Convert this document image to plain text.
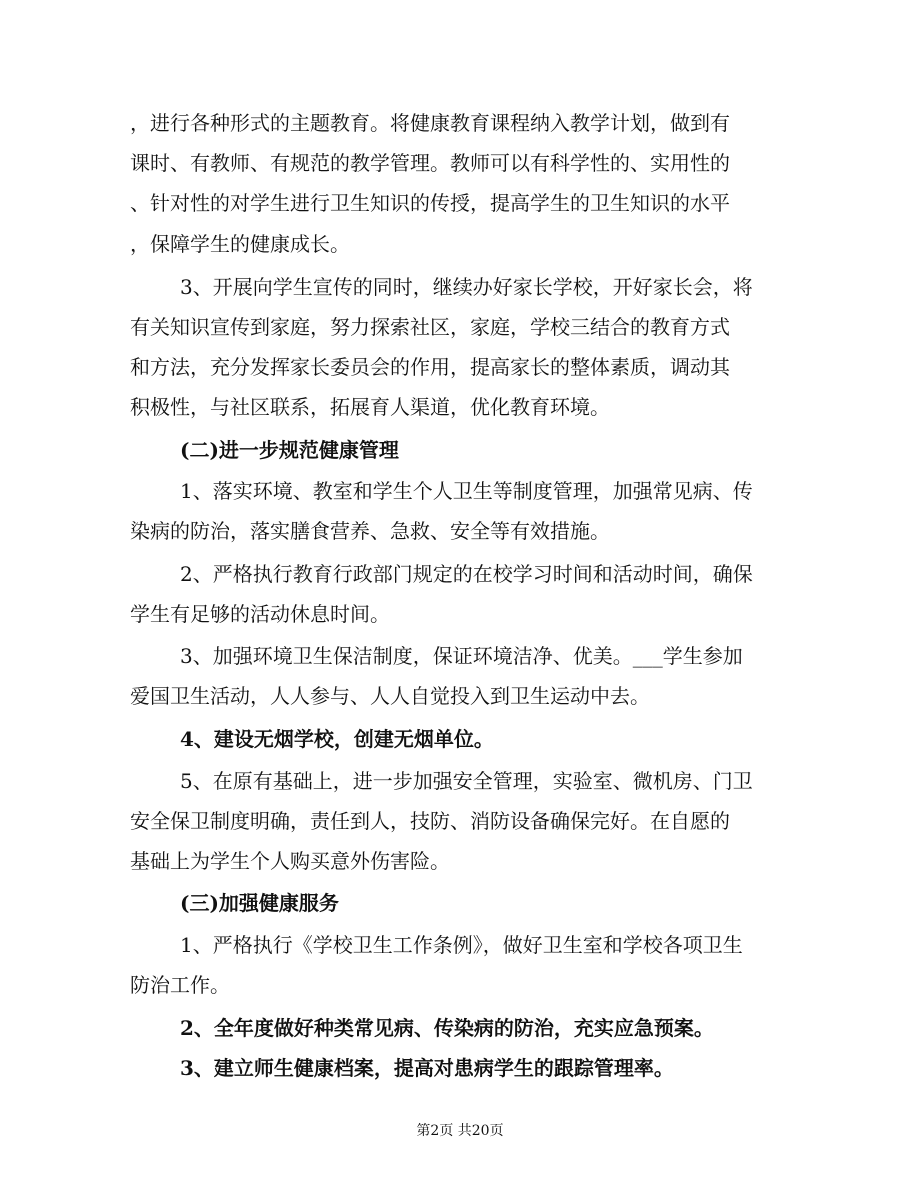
，进行各种形式的主题教育。将健康教育课程纳入教学计划，做到有
课时、有教师、有规范的教学管理。教师可以有科学性的、实用性的
、针对性的对学生进行卫生知识的传授，提高学生的卫生知识的水平
，保障学生的健康成长。
3、开展向学生宣传的同时，继续办好家长学校，开好家长会，将
有关知识宣传到家庭，努力探索社区，家庭，学校三结合的教育方式
和方法，充分发挥家长委员会的作用，提高家长的整体素质，调动其
积极性，与社区联系，拓展育人渠道，优化教育环境。
(二)进一步规范健康管理
1、落实环境、教室和学生个人卫生等制度管理，加强常见病、传
染病的防治，落实膳食营养、急救、安全等有效措施。
2、严格执行教育行政部门规定的在校学习时间和活动时间，确保
学生有足够的活动休息时间。
3、加强环境卫生保洁制度，保证环境洁净、优美。___学生参加
爱国卫生活动，人人参与、人人自觉投入到卫生运动中去。
4、建设无烟学校，创建无烟单位。
5、在原有基础上，进一步加强安全管理，实验室、微机房、门卫
安全保卫制度明确，责任到人，技防、消防设备确保完好。在自愿的
基础上为学生个人购买意外伤害险。
(三)加强健康服务
1、严格执行《学校卫生工作条例》，做好卫生室和学校各项卫生
防治工作。
2、全年度做好种类常见病、传染病的防治，充实应急预案。
3、建立师生健康档案，提高对患病学生的跟踪管理率。
第2页 共20页
